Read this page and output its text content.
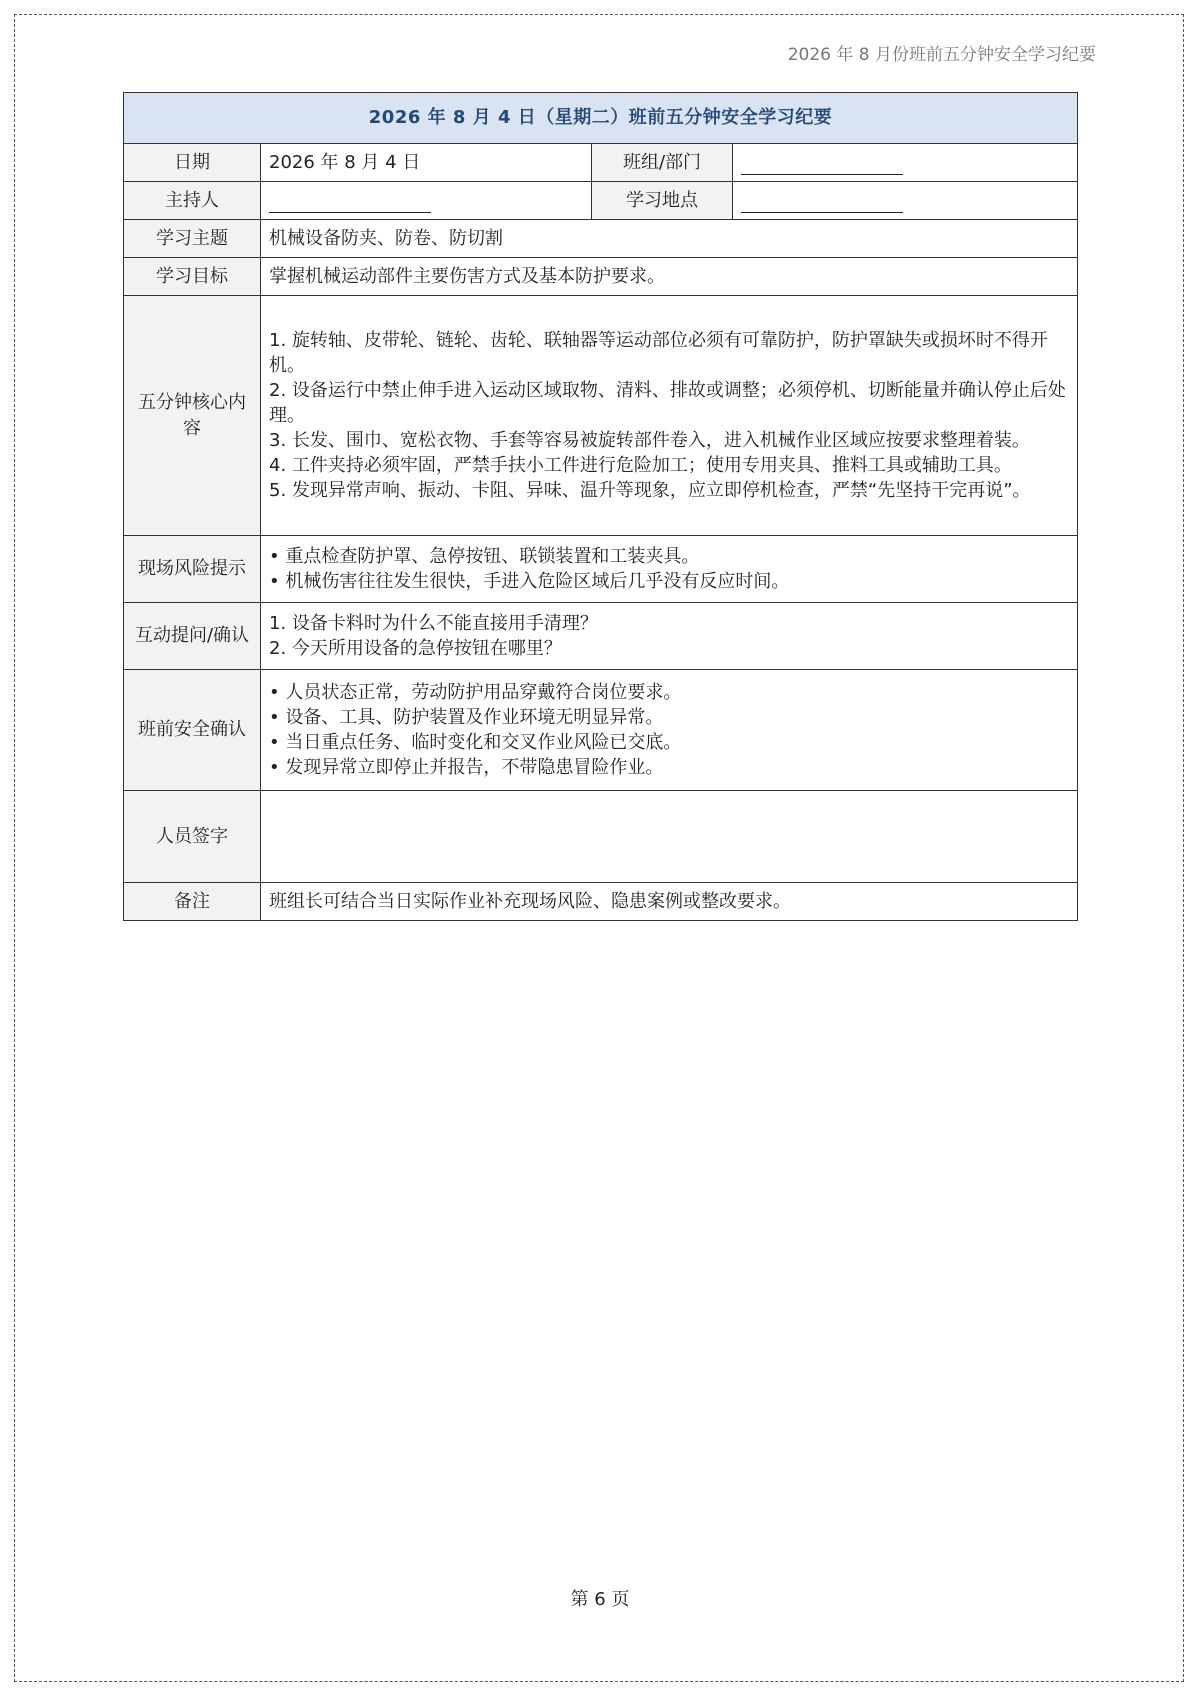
2026 年 8 月份班前五分钟安全学习纪要
2026 年 8 月 4 日（星期二）班前五分钟安全学习纪要			
日期	2026 年 8 月 4 日	班组/部门	
主持人		学习地点	
学习主题	机械设备防夹、防卷、防切割		
学习目标	掌握机械运动部件主要伤害方式及基本防护要求。		
五分钟核心内容	1. 旋转轴、皮带轮、链轮、齿轮、联轴器等运动部位必须有可靠防护，防护罩缺失或损坏时不得开机。
2. 设备运行中禁止伸手进入运动区域取物、清料、排故或调整；必须停机、切断能量并确认停止后处理。
3. 长发、围巾、宽松衣物、手套等容易被旋转部件卷入，进入机械作业区域应按要求整理着装。
4. 工件夹持必须牢固，严禁手扶小工件进行危险加工；使用专用夹具、推料工具或辅助工具。
5. 发现异常声响、振动、卡阻、异味、温升等现象，应立即停机检查，严禁“先坚持干完再说”。		

现场风险提示	• 重点检查防护罩、急停按钮、联锁装置和工装夹具。
• 机械伤害往往发生很快，手进入危险区域后几乎没有反应时间。		

互动提问/确认	1. 设备卡料时为什么不能直接用手清理？
2. 今天所用设备的急停按钮在哪里？		

班前安全确认	• 人员状态正常，劳动防护用品穿戴符合岗位要求。
• 设备、工具、防护装置及作业环境无明显异常。
• 当日重点任务、临时变化和交叉作业风险已交底。
• 发现异常立即停止并报告，不带隐患冒险作业。		

人员签字			
备注	班组长可结合当日实际作业补充现场风险、隐患案例或整改要求。		
第 6 页
